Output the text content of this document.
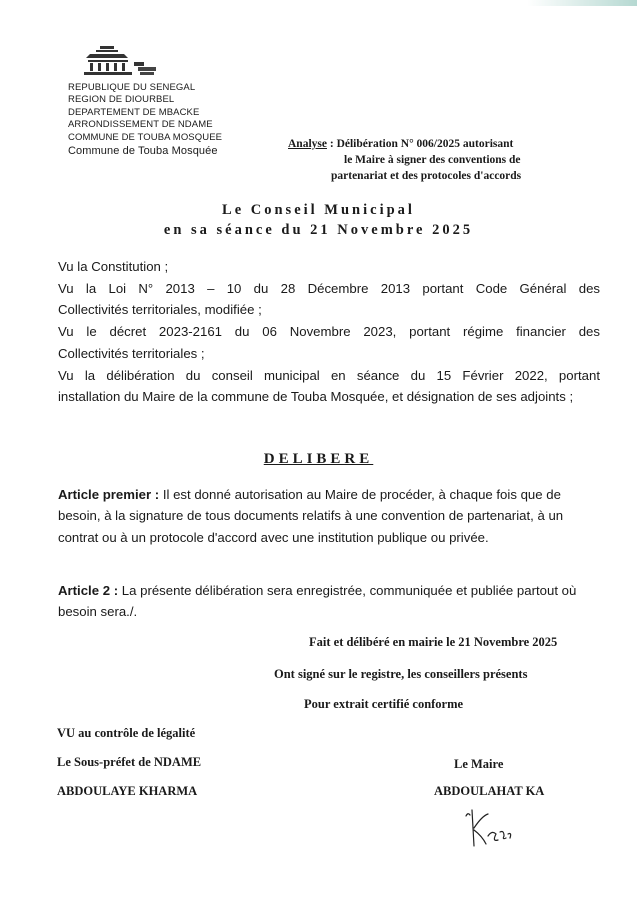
REPUBLIQUE DU SENEGAL
REGION DE DIOURBEL
DEPARTEMENT DE MBACKE
ARRONDISSEMENT DE NDAME
COMMUNE DE TOUBA MOSQUEE
Commune de Touba Mosquée
Analyse : Délibération N° 006/2025 autorisant
le Maire à signer des conventions de
partenariat et des protocoles d'accords
Le Conseil Municipal
en sa séance du 21 Novembre 2025

Vu la Constitution ;

Vu la Loi N° 2013 – 10 du 28 Décembre 2013 portant Code Général des

Collectivités territoriales, modifiée ;

Vu le décret 2023-2161 du 06 Novembre 2023, portant régime financier des

Collectivités territoriales ;

Vu la délibération du conseil municipal en séance du 15 Février 2022, portant

installation du Maire de la commune de Touba Mosquée, et désignation de ses adjoints ;

DELIBERE
Article premier : Il est donné autorisation au Maire de procéder, à chaque fois que de besoin, à la signature de tous documents relatifs à une convention de partenariat, à un contrat ou à un protocole d'accord avec une institution publique ou privée.
Article 2 : La présente délibération sera enregistrée, communiquée et publiée partout où besoin sera./.
Fait et délibéré en mairie le 21 Novembre 2025
Ont signé sur le registre, les conseillers présents
Pour extrait certifié conforme
VU au contrôle de légalité
Le Sous-préfet de NDAME
ABDOULAYE KHARMA
Le Maire
ABDOULAHAT KA
